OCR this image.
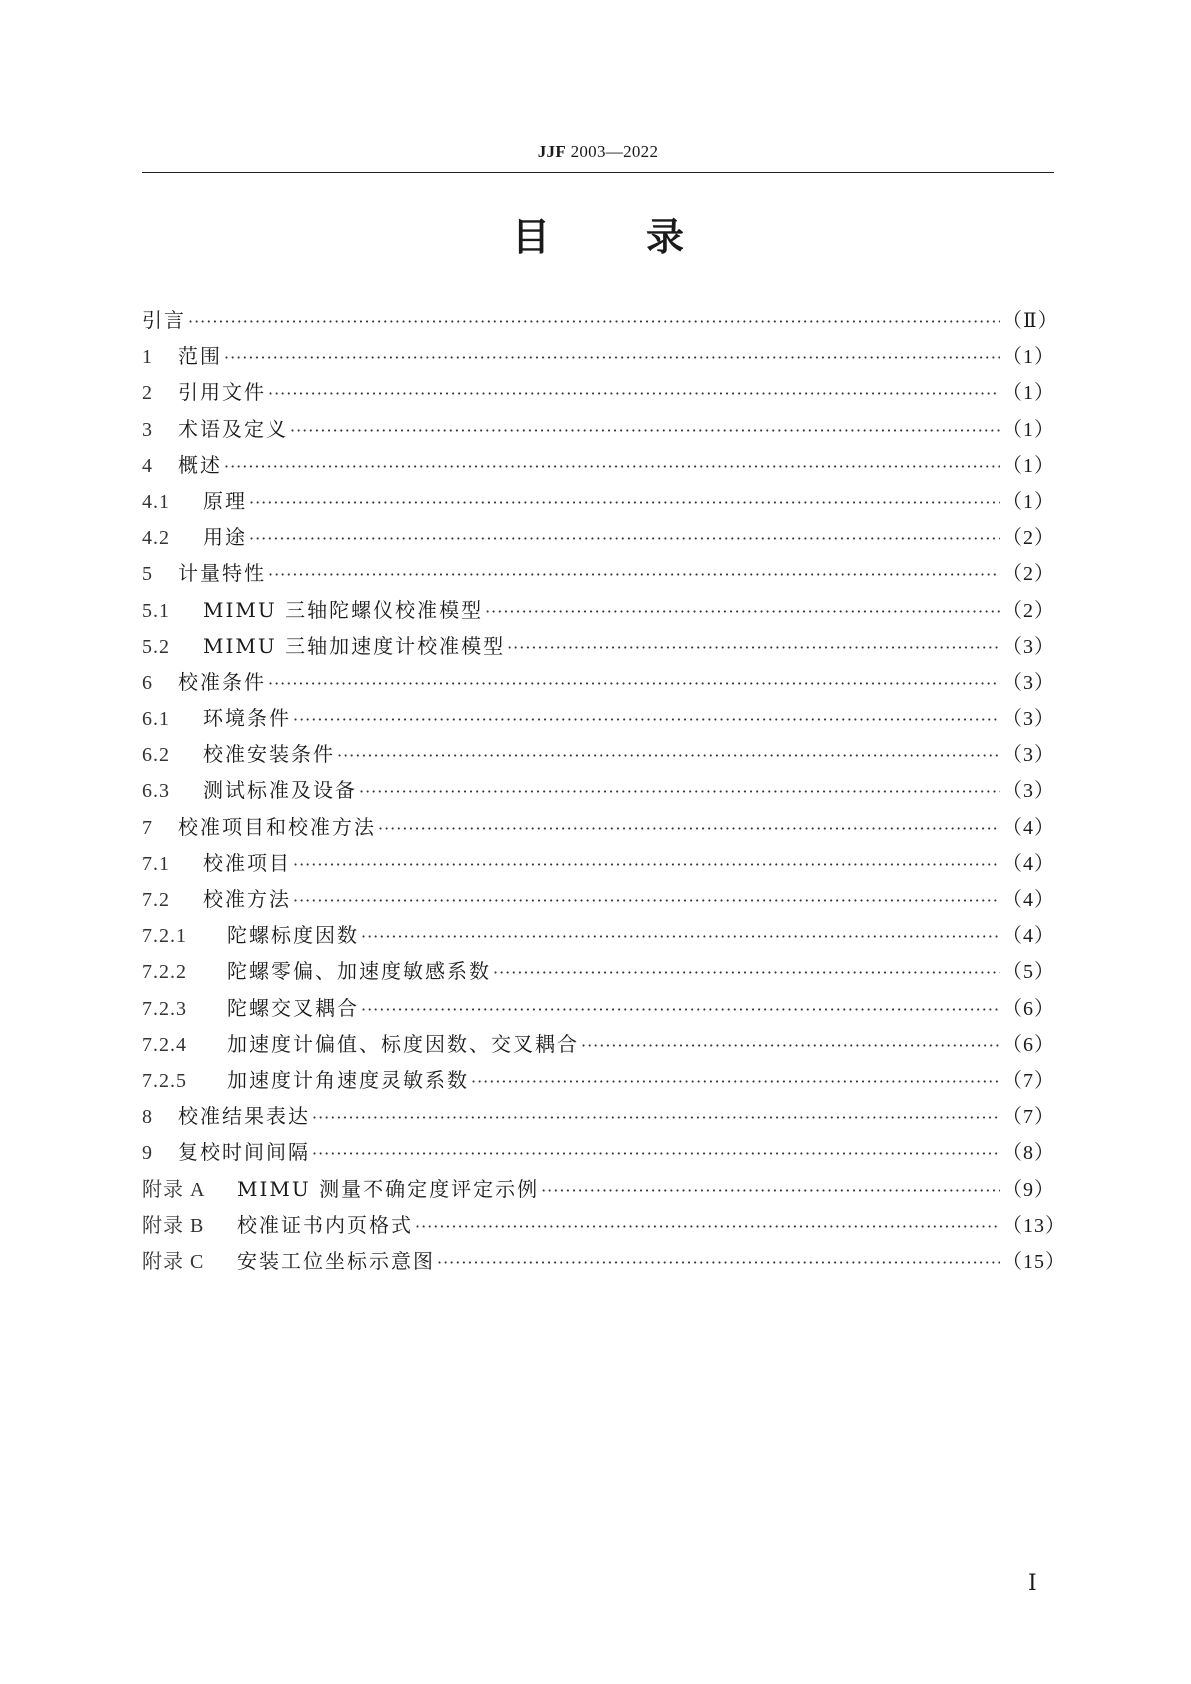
JJF 2003—2022
目录
引言 ·····	（Ⅱ）
1	范围 ·····	（1）
2	引用文件 ·····	（1）
3	术语及定义 ·····	（1）
4	概述 ·····	（1）
4.1	原理 ·····	（1）
4.2	用途 ·····	（2）
5	计量特性 ·····	（2）
5.1	MIMU 三轴陀螺仪校准模型 ·····	（2）
5.2	MIMU 三轴加速度计校准模型 ·····	（3）
6	校准条件 ·····	（3）
6.1	环境条件 ·····	（3）
6.2	校准安装条件 ·····	（3）
6.3	测试标准及设备 ·····	（3）
7	校准项目和校准方法 ·····	（4）
7.1	校准项目 ·····	（4）
7.2	校准方法 ·····	（4）
7.2.1	陀螺标度因数 ·····	（4）
7.2.2	陀螺零偏、加速度敏感系数 ·····	（5）
7.2.3	陀螺交叉耦合 ·····	（6）
7.2.4	加速度计偏值、标度因数、交叉耦合 ·····	（6）
7.2.5	加速度计角速度灵敏系数 ·····	（7）
8	校准结果表达 ·····	（7）
9	复校时间间隔 ·····	（8）
附录 A	MIMU 测量不确定度评定示例 ·····	（9）
附录 B	校准证书内页格式 ·····	（13）
附录 C	安装工位坐标示意图 ·····	（15）
Ⅰ
